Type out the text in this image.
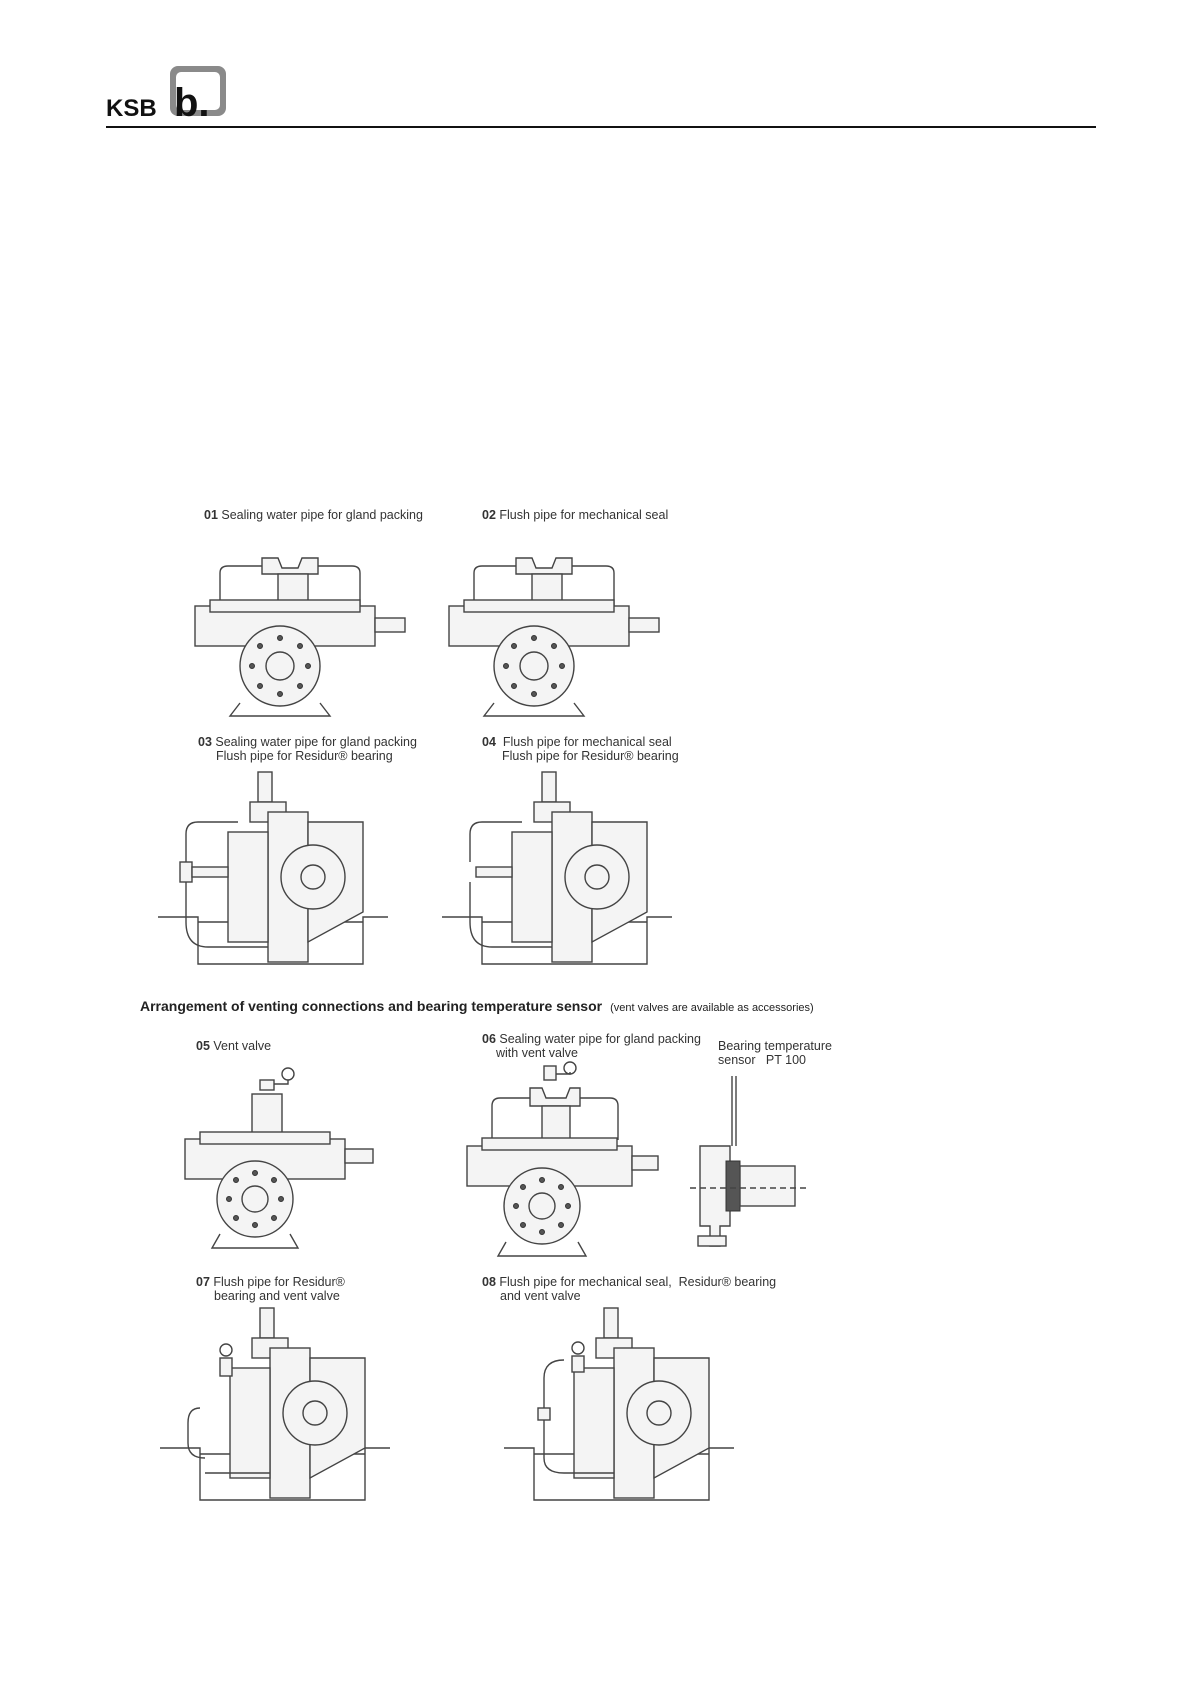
KSB b.
01 Sealing water pipe for gland packing	02 Flush pipe for mechanical seal
03 Sealing water pipe for gland packing
Flush pipe for Residur® bearing
04 Flush pipe for mechanical seal
Flush pipe for Residur® bearing
Arrangement of venting connections and bearing temperature sensor (vent valves are available as accessories)
05 Vent valve	06 Sealing water pipe for gland packing
with vent valve	Bearing temperature
sensor   PT 100
07 Flush pipe for Residur®
bearing and vent valve
08 Flush pipe for mechanical seal,  Residur® bearing
and vent valve
